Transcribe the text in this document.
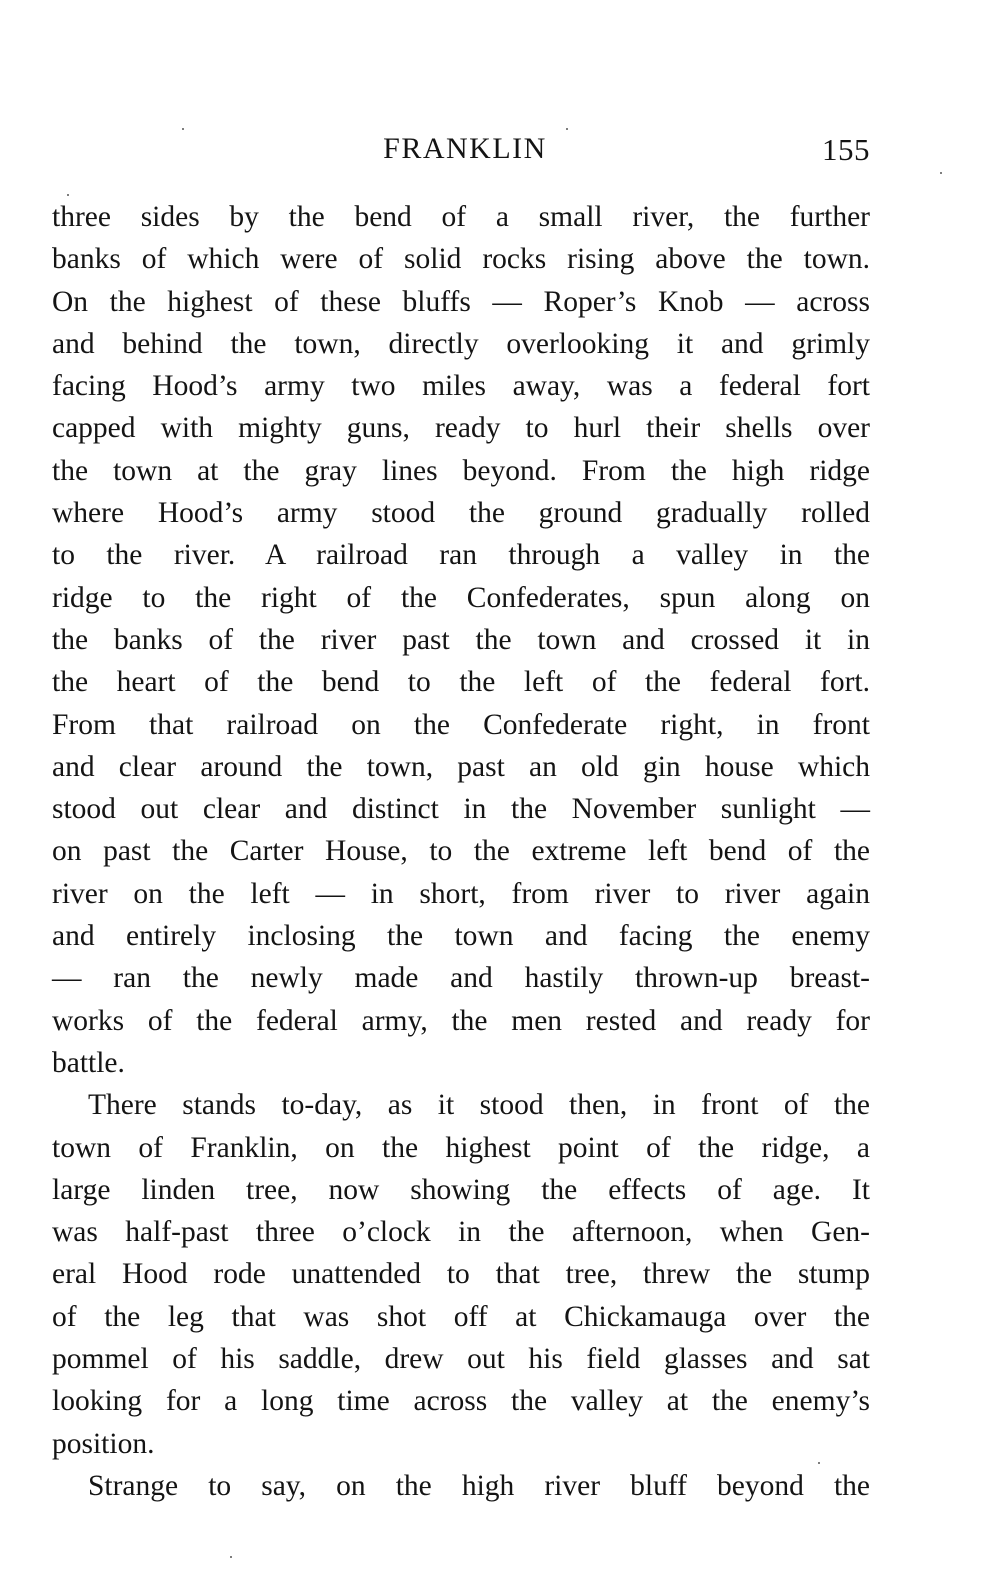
FRANKLIN	155
three sides by the bend of a small river, the further
banks of which were of solid rocks rising above the town.
On the highest of these bluffs — Roper’s Knob — across
and behind the town, directly overlooking it and grimly
facing Hood’s army two miles away, was a federal fort
capped with mighty guns, ready to hurl their shells over
the town at the gray lines beyond. From the high ridge
where Hood’s army stood the ground gradually rolled
to the river. A railroad ran through a valley in the
ridge to the right of the Confederates, spun along on
the banks of the river past the town and crossed it in
the heart of the bend to the left of the federal fort.
From that railroad on the Confederate right, in front
and clear around the town, past an old gin house which
stood out clear and distinct in the November sunlight —
on past the Carter House, to the extreme left bend of the
river on the left — in short, from river to river again
and entirely inclosing the town and facing the enemy
— ran the newly made and hastily thrown-up breast-
works of the federal army, the men rested and ready for
battle.
There stands to-day, as it stood then, in front of the
town of Franklin, on the highest point of the ridge, a
large linden tree, now showing the effects of age. It
was half-past three o’clock in the afternoon, when Gen-
eral Hood rode unattended to that tree, threw the stump
of the leg that was shot off at Chickamauga over the
pommel of his saddle, drew out his field glasses and sat
looking for a long time across the valley at the enemy’s
position.
Strange to say, on the high river bluff beyond the
